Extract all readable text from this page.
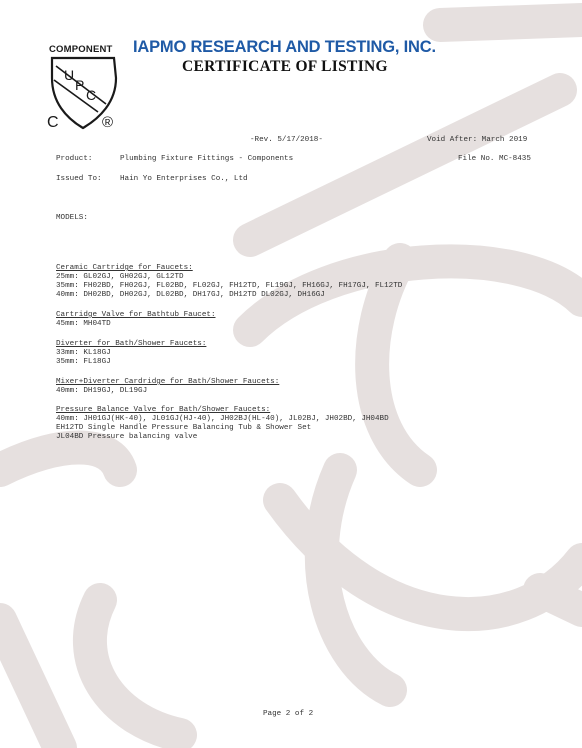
COMPONENT
U
P
C
C	®
IAPMO RESEARCH AND TESTING, INC.
CERTIFICATE OF LISTING
-Rev. 5/17/2018-	Void After: March 2019
Product:	Plumbing Fixture Fittings - Components	File No. MC-8435
Issued To: Hain Yo Enterprises Co., Ltd
MODELS:
Ceramic Cartridge for Faucets:
25mm: GL02GJ, GH02GJ, GL12TD
35mm: FH02BD, FH02GJ, FL02BD, FL02GJ, FH12TD, FL19GJ, FH16GJ, FH17GJ, FL12TD
40mm: DH02BD, DH02GJ, DL02BD, DH17GJ, DH12TD DL02GJ, DH16GJ
Cartridge Valve for Bathtub Faucet:
45mm: MH04TD
Diverter for Bath/Shower Faucets:
33mm: KL18GJ
35mm: FL18GJ
Mixer+Diverter Cardridge for Bath/Shower Faucets:
40mm: DH19GJ, DL19GJ
Pressure Balance Valve for Bath/Shower Faucets:
40mm: JH01GJ(HK-40), JL01GJ(HJ-40), JH02BJ(HL-40), JL02BJ, JH02BD, JH04BD
EH12TD Single Handle Pressure Balancing Tub & Shower Set
JL04BD Pressure balancing valve
Page 2 of 2
